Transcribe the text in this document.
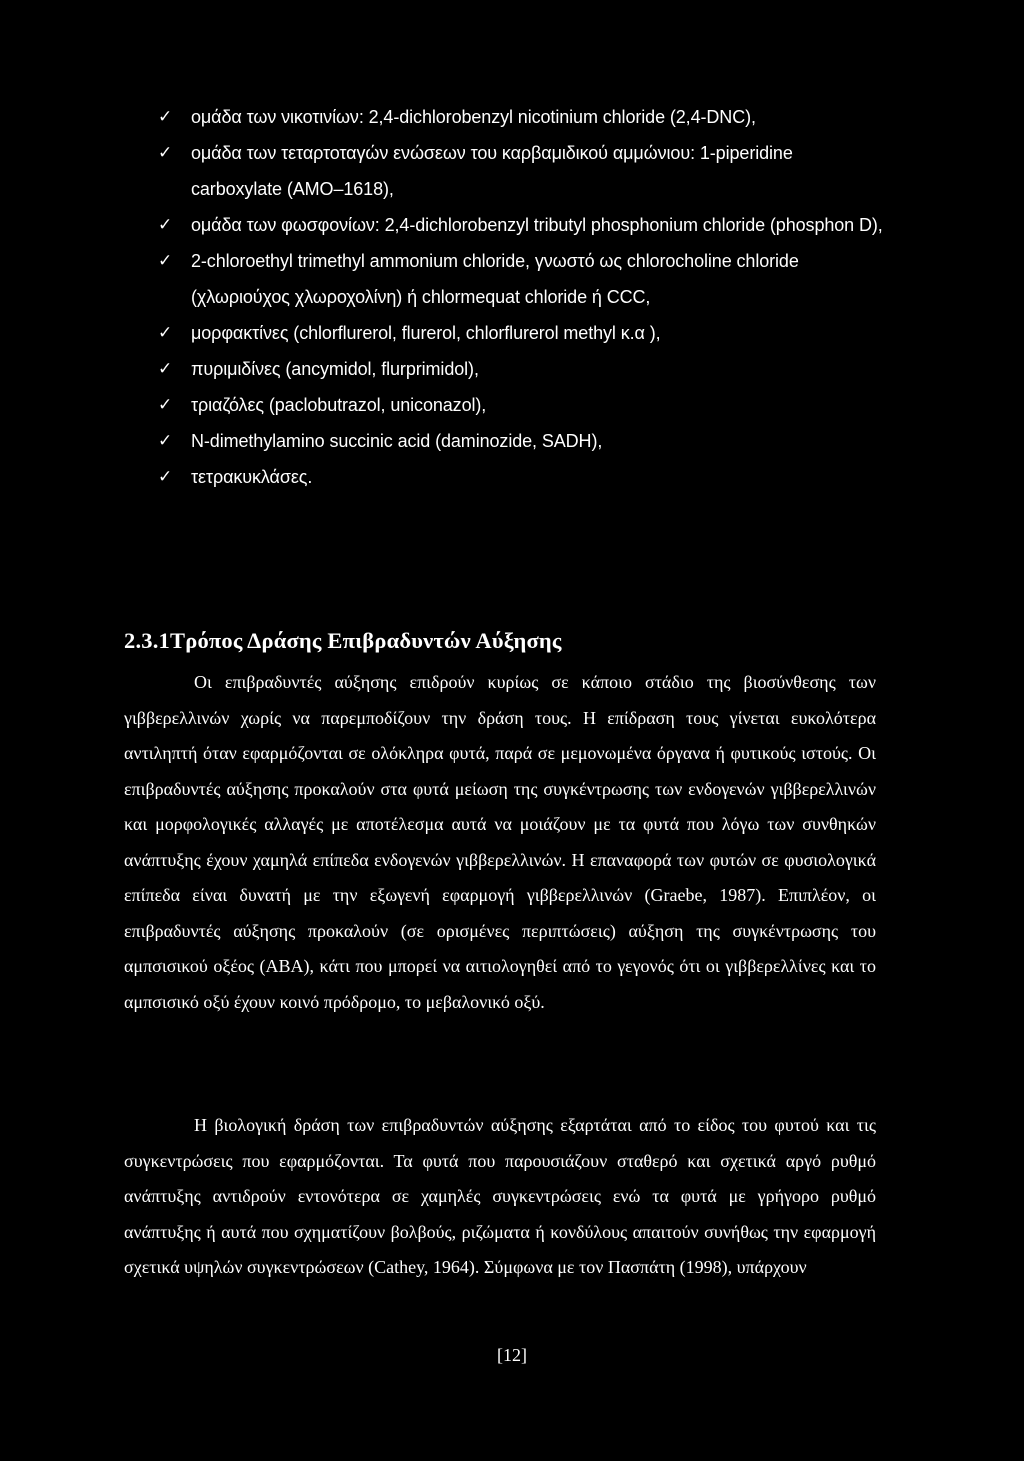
✓	ομάδα των νικοτινίων: 2,4-dichlorobenzyl nicotinium chloride (2,4-DNC),

✓	ομάδα των τεταρτοταγών ενώσεων του καρβαμιδικού αμμώνιου: 1-piperidine carboxylate (AMO–1618),

✓	ομάδα των φωσφονίων: 2,4-dichlorobenzyl tributyl phosphonium chloride (phosphon D),

✓	2-chloroethyl trimethyl ammonium chloride, γνωστό ως chlorocholine chloride (χλωριούχος χλωροχολίνη) ή chlormequat chloride ή CCC,

✓	μορφακτίνες (chlorflurerol, flurerol, chlorflurerol methyl κ.α ),

✓	πυριμιδίνες (ancymidol, flurprimidol),

✓	τριαζόλες (paclobutrazol, uniconazol),

✓	N-dimethylamino succinic acid (daminozide, SADH),

✓	τετρακυκλάσες.

2.3.1Τρόπος Δράσης Επιβραδυντών Αύξησης

Οι επιβραδυντές αύξησης επιδρούν κυρίως σε κάποιο στάδιο της βιοσύνθεσης των γιββερελλινών χωρίς να παρεμποδίζουν την δράση τους. Η επίδραση τους γίνεται ευκολότερα αντιληπτή όταν εφαρμόζονται σε ολόκληρα φυτά, παρά σε μεμονωμένα όργανα ή φυτικούς ιστούς. Οι επιβραδυντές αύξησης προκαλούν στα φυτά μείωση της συγκέντρωσης των ενδογενών γιββερελλινών και μορφολογικές αλλαγές με αποτέλεσμα αυτά να μοιάζουν με τα φυτά που λόγω των συνθηκών ανάπτυξης έχουν χαμηλά επίπεδα ενδογενών γιββερελλινών. Η επαναφορά των φυτών σε φυσιολογικά επίπεδα είναι δυνατή με την εξωγενή εφαρμογή γιββερελλινών (Graebe, 1987). Επιπλέον, οι επιβραδυντές αύξησης προκαλούν (σε ορισμένες περιπτώσεις) αύξηση της συγκέντρωσης του αμπσισικού οξέος (ABA), κάτι που μπορεί να αιτιολογηθεί από το γεγονός ότι οι γιββερελλίνες και το αμπσισικό οξύ έχουν κοινό πρόδρομο, το μεβαλονικό οξύ.

Η βιολογική δράση των επιβραδυντών αύξησης εξαρτάται από το είδος του φυτού και τις συγκεντρώσεις που εφαρμόζονται. Τα φυτά που παρουσιάζουν σταθερό και σχετικά αργό ρυθμό ανάπτυξης αντιδρούν εντονότερα σε χαμηλές συγκεντρώσεις ενώ τα φυτά με γρήγορο ρυθμό ανάπτυξης ή αυτά που σχηματίζουν βολβούς, ριζώματα ή κονδύλους απαιτούν συνήθως την εφαρμογή σχετικά υψηλών συγκεντρώσεων (Cathey, 1964). Σύμφωνα με τον Πασπάτη (1998), υπάρχουν

[12]
